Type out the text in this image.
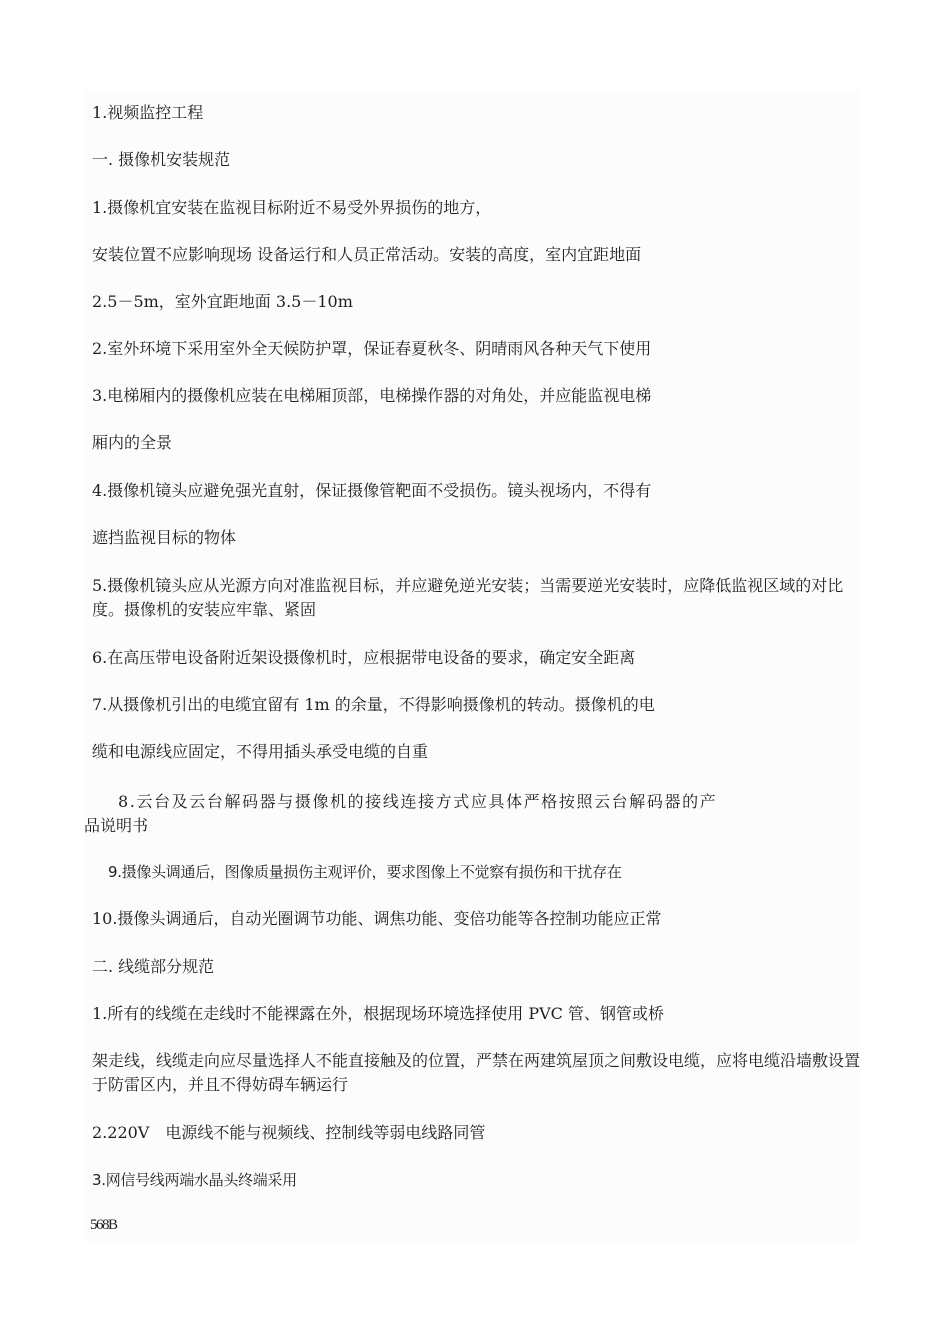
1.视频监控工程
一. 摄像机安装规范
1.摄像机宜安装在监视目标附近不易受外界损伤的地方，
安装位置不应影响现场 设备运行和人员正常活动。安装的高度，室内宜距地面
2.5－5m，室外宜距地面 3.5－10m
2.室外环境下采用室外全天候防护罩，保证春夏秋冬、阴晴雨风各种天气下使用
3.电梯厢内的摄像机应装在电梯厢顶部，电梯操作器的对角处，并应能监视电梯
厢内的全景
4.摄像机镜头应避免强光直射，保证摄像管靶面不受损伤。镜头视场内，不得有
遮挡监视目标的物体
5.摄像机镜头应从光源方向对准监视目标，并应避免逆光安装；当需要逆光安装时，应降低监视区域的对比度。摄像机的安装应牢靠、紧固
6.在高压带电设备附近架设摄像机时，应根据带电设备的要求，确定安全距离
7.从摄像机引出的电缆宜留有 1m 的余量，不得影响摄像机的转动。摄像机的电
缆和电源线应固定，不得用插头承受电缆的自重
8.云台及云台解码器与摄像机的接线连接方式应具体严格按照云台解码器的产
品说明书
9.摄像头调通后，图像质量损伤主观评价，要求图像上不觉察有损伤和干扰存在
10.摄像头调通后，自动光圈调节功能、调焦功能、变倍功能等各控制功能应正常
二. 线缆部分规范
1.所有的线缆在走线时不能裸露在外，根据现场环境选择使用 PVC 管、钢管或桥
架走线，线缆走向应尽量选择人不能直接触及的位置，严禁在两建筑屋顶之间敷设电缆，应将电缆沿墙敷设置于防雷区内，并且不得妨碍车辆运行
2.220V　电源线不能与视频线、控制线等弱电线路同管
3.网信号线两端水晶头终端采用
568B
